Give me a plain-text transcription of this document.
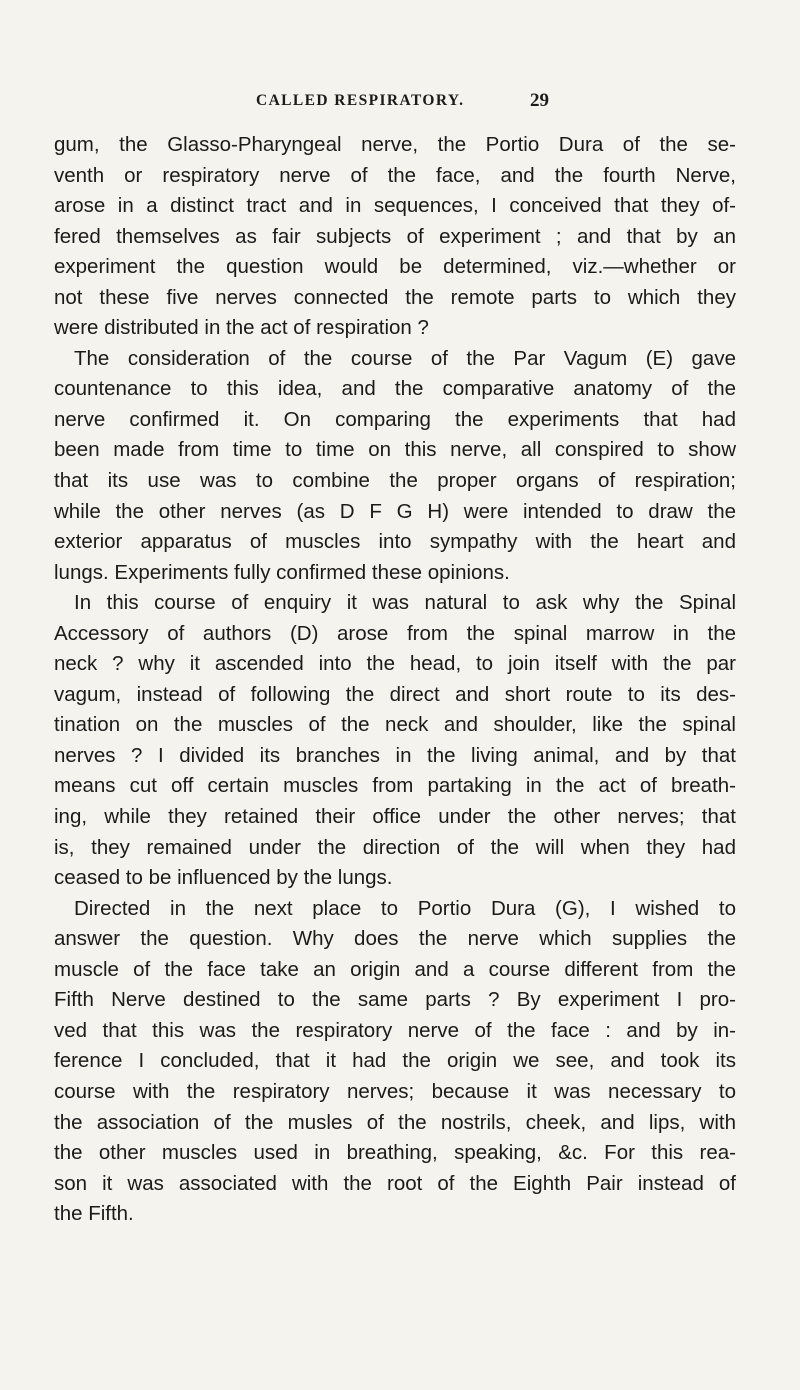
CALLED RESPIRATORY.	29
gum, the Glasso-Pharyngeal nerve, the Portio Dura of the se-
venth or respiratory nerve of the face, and the fourth Nerve,
arose in a distinct tract and in sequences, I conceived that they of-
fered themselves as fair subjects of experiment ; and that by an
experiment the question would be determined, viz.—whether or
not these five nerves connected the remote parts to which they
were distributed in the act of respiration ?
The consideration of the course of the Par Vagum (E) gave
countenance to this idea, and the comparative anatomy of the
nerve confirmed it. On comparing the experiments that had
been made from time to time on this nerve, all conspired to show
that its use was to combine the proper organs of respiration;
while the other nerves (as D F G H) were intended to draw the
exterior apparatus of muscles into sympathy with the heart and
lungs. Experiments fully confirmed these opinions.
In this course of enquiry it was natural to ask why the Spinal
Accessory of authors (D) arose from the spinal marrow in the
neck ? why it ascended into the head, to join itself with the par
vagum, instead of following the direct and short route to its des-
tination on the muscles of the neck and shoulder, like the spinal
nerves ? I divided its branches in the living animal, and by that
means cut off certain muscles from partaking in the act of breath-
ing, while they retained their office under the other nerves; that
is, they remained under the direction of the will when they had
ceased to be influenced by the lungs.
Directed in the next place to Portio Dura (G), I wished to
answer the question. Why does the nerve which supplies the
muscle of the face take an origin and a course different from the
Fifth Nerve destined to the same parts ? By experiment I pro-
ved that this was the respiratory nerve of the face : and by in-
ference I concluded, that it had the origin we see, and took its
course with the respiratory nerves; because it was necessary to
the association of the musles of the nostrils, cheek, and lips, with
the other muscles used in breathing, speaking, &c. For this rea-
son it was associated with the root of the Eighth Pair instead of
the Fifth.
